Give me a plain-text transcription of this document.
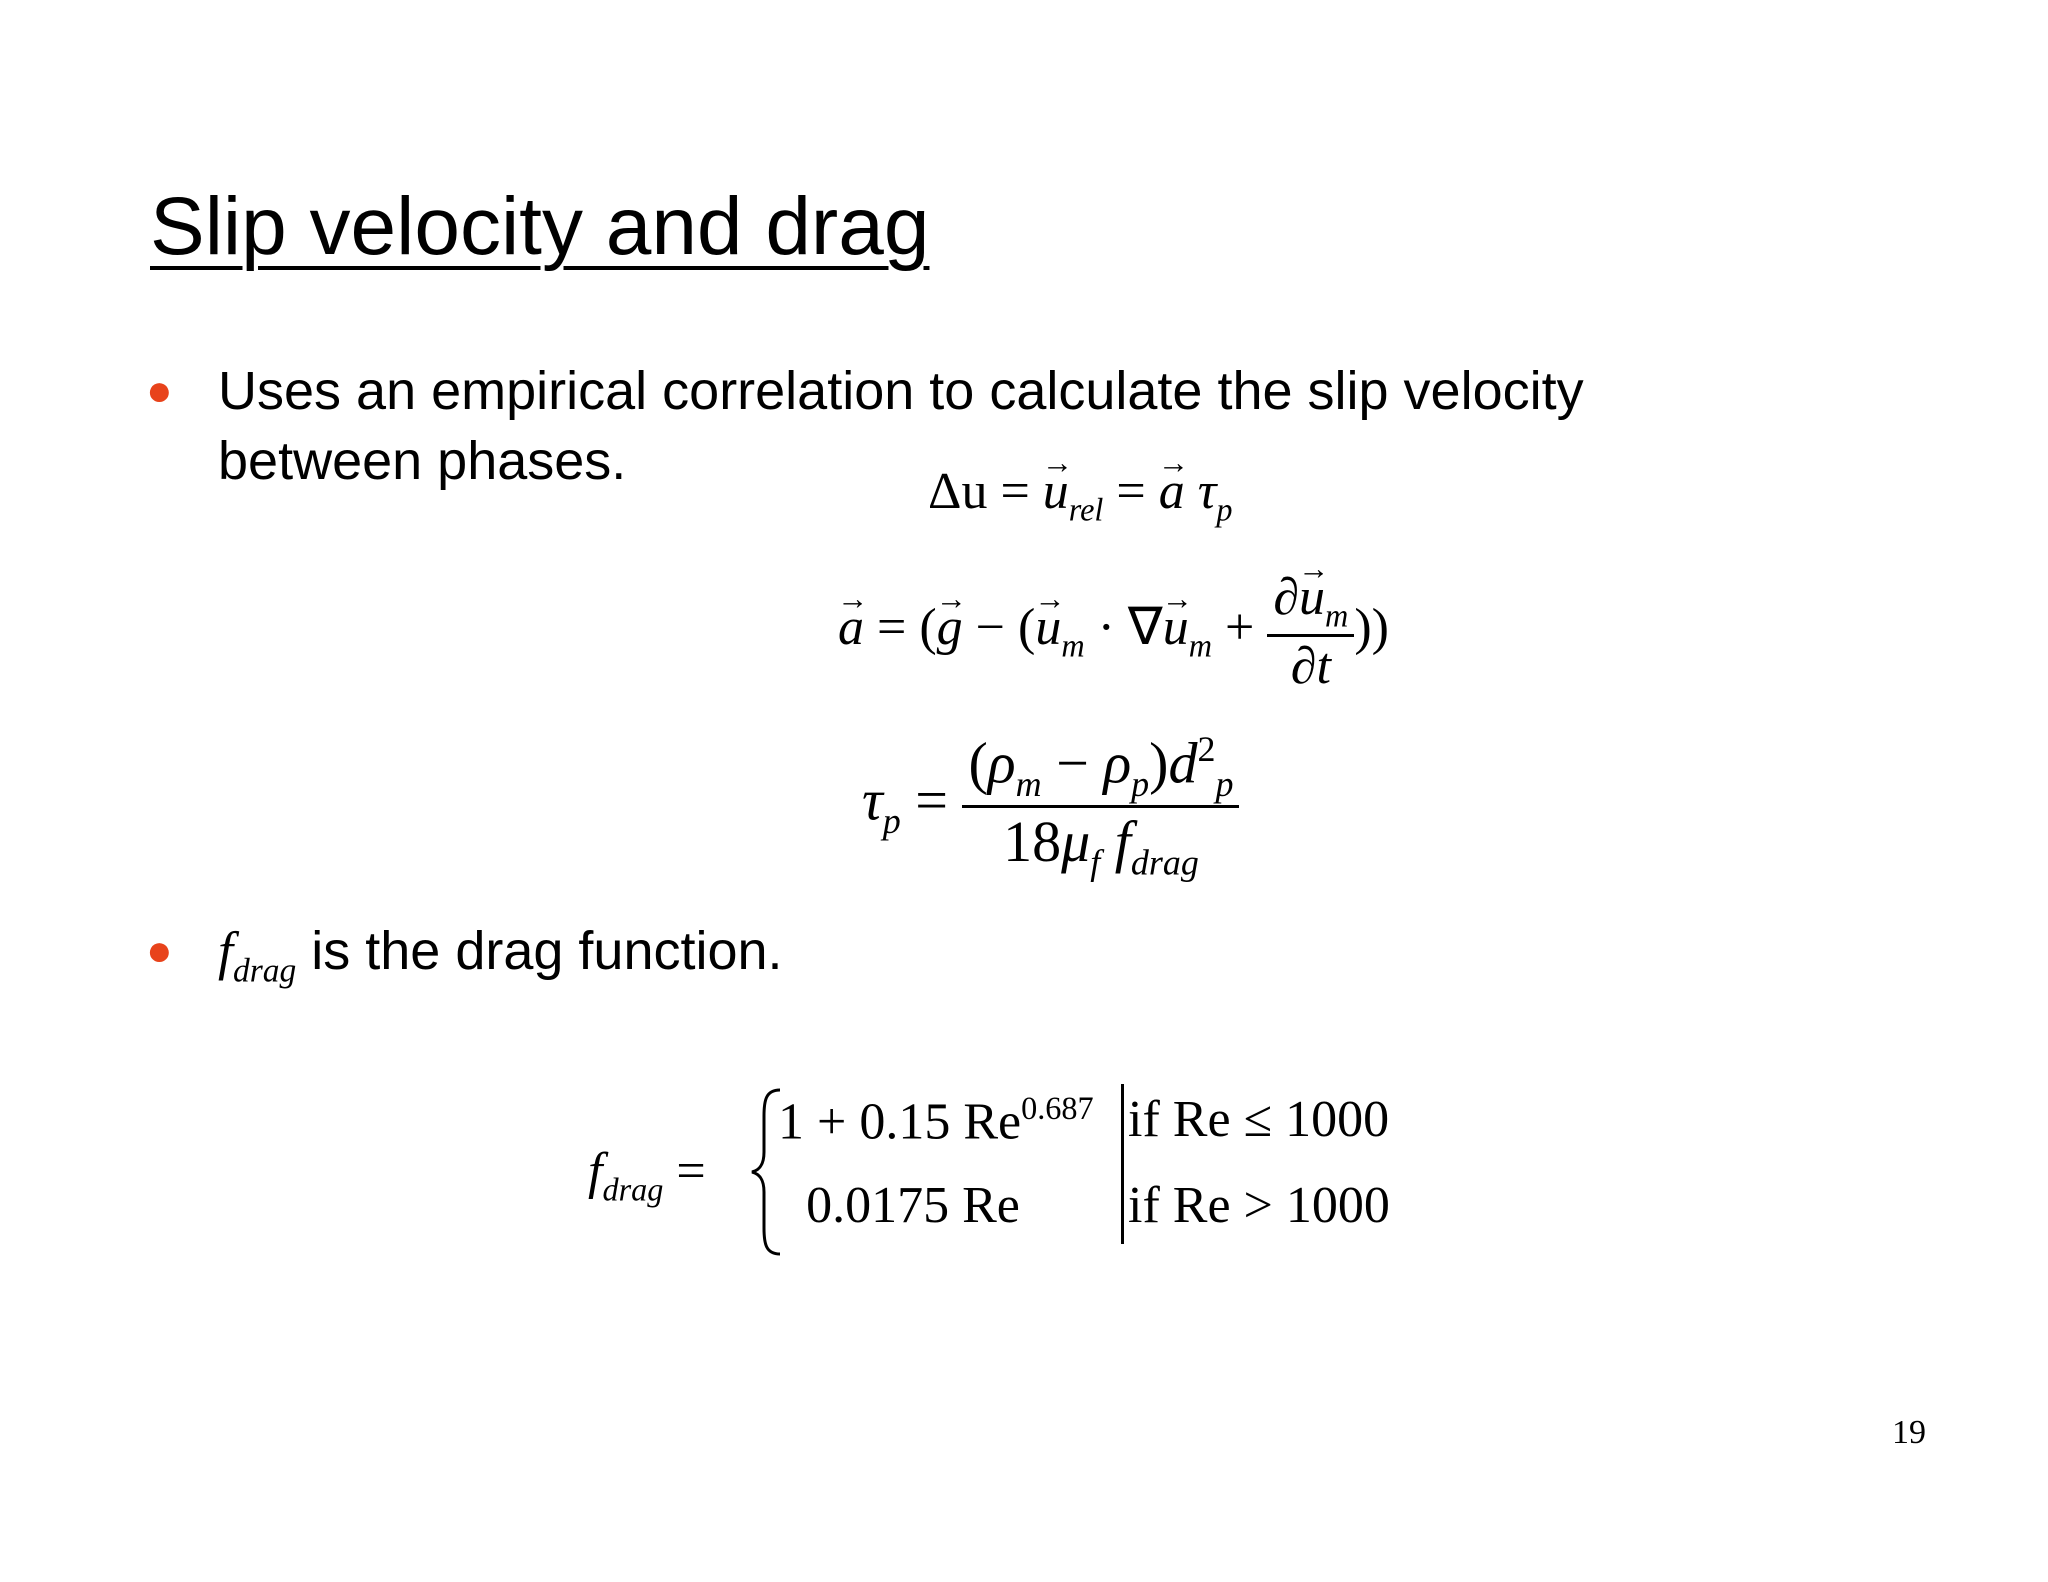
Slip velocity and drag
● Uses an empirical correlation to calculate the slip velocity
between phases.
Δu = → $u_{rel}$ = → a $\tau_p$
→ a = (→ g − (→ $u_m$ · ∇→ $u_m + \frac{\partial\to u_m}{\partial t}$ ))
$\tau_p = \frac{(\rho_m - \rho_p)d^2_p}{18\mu_f f_{drag}}$
● $f_{drag}$ is the drag function.
$f_{drag}$ =
1 + 0.15 $Re^{0.687}$
0.0175 Re
if Re ≤ 1000
if Re > 1000
19
